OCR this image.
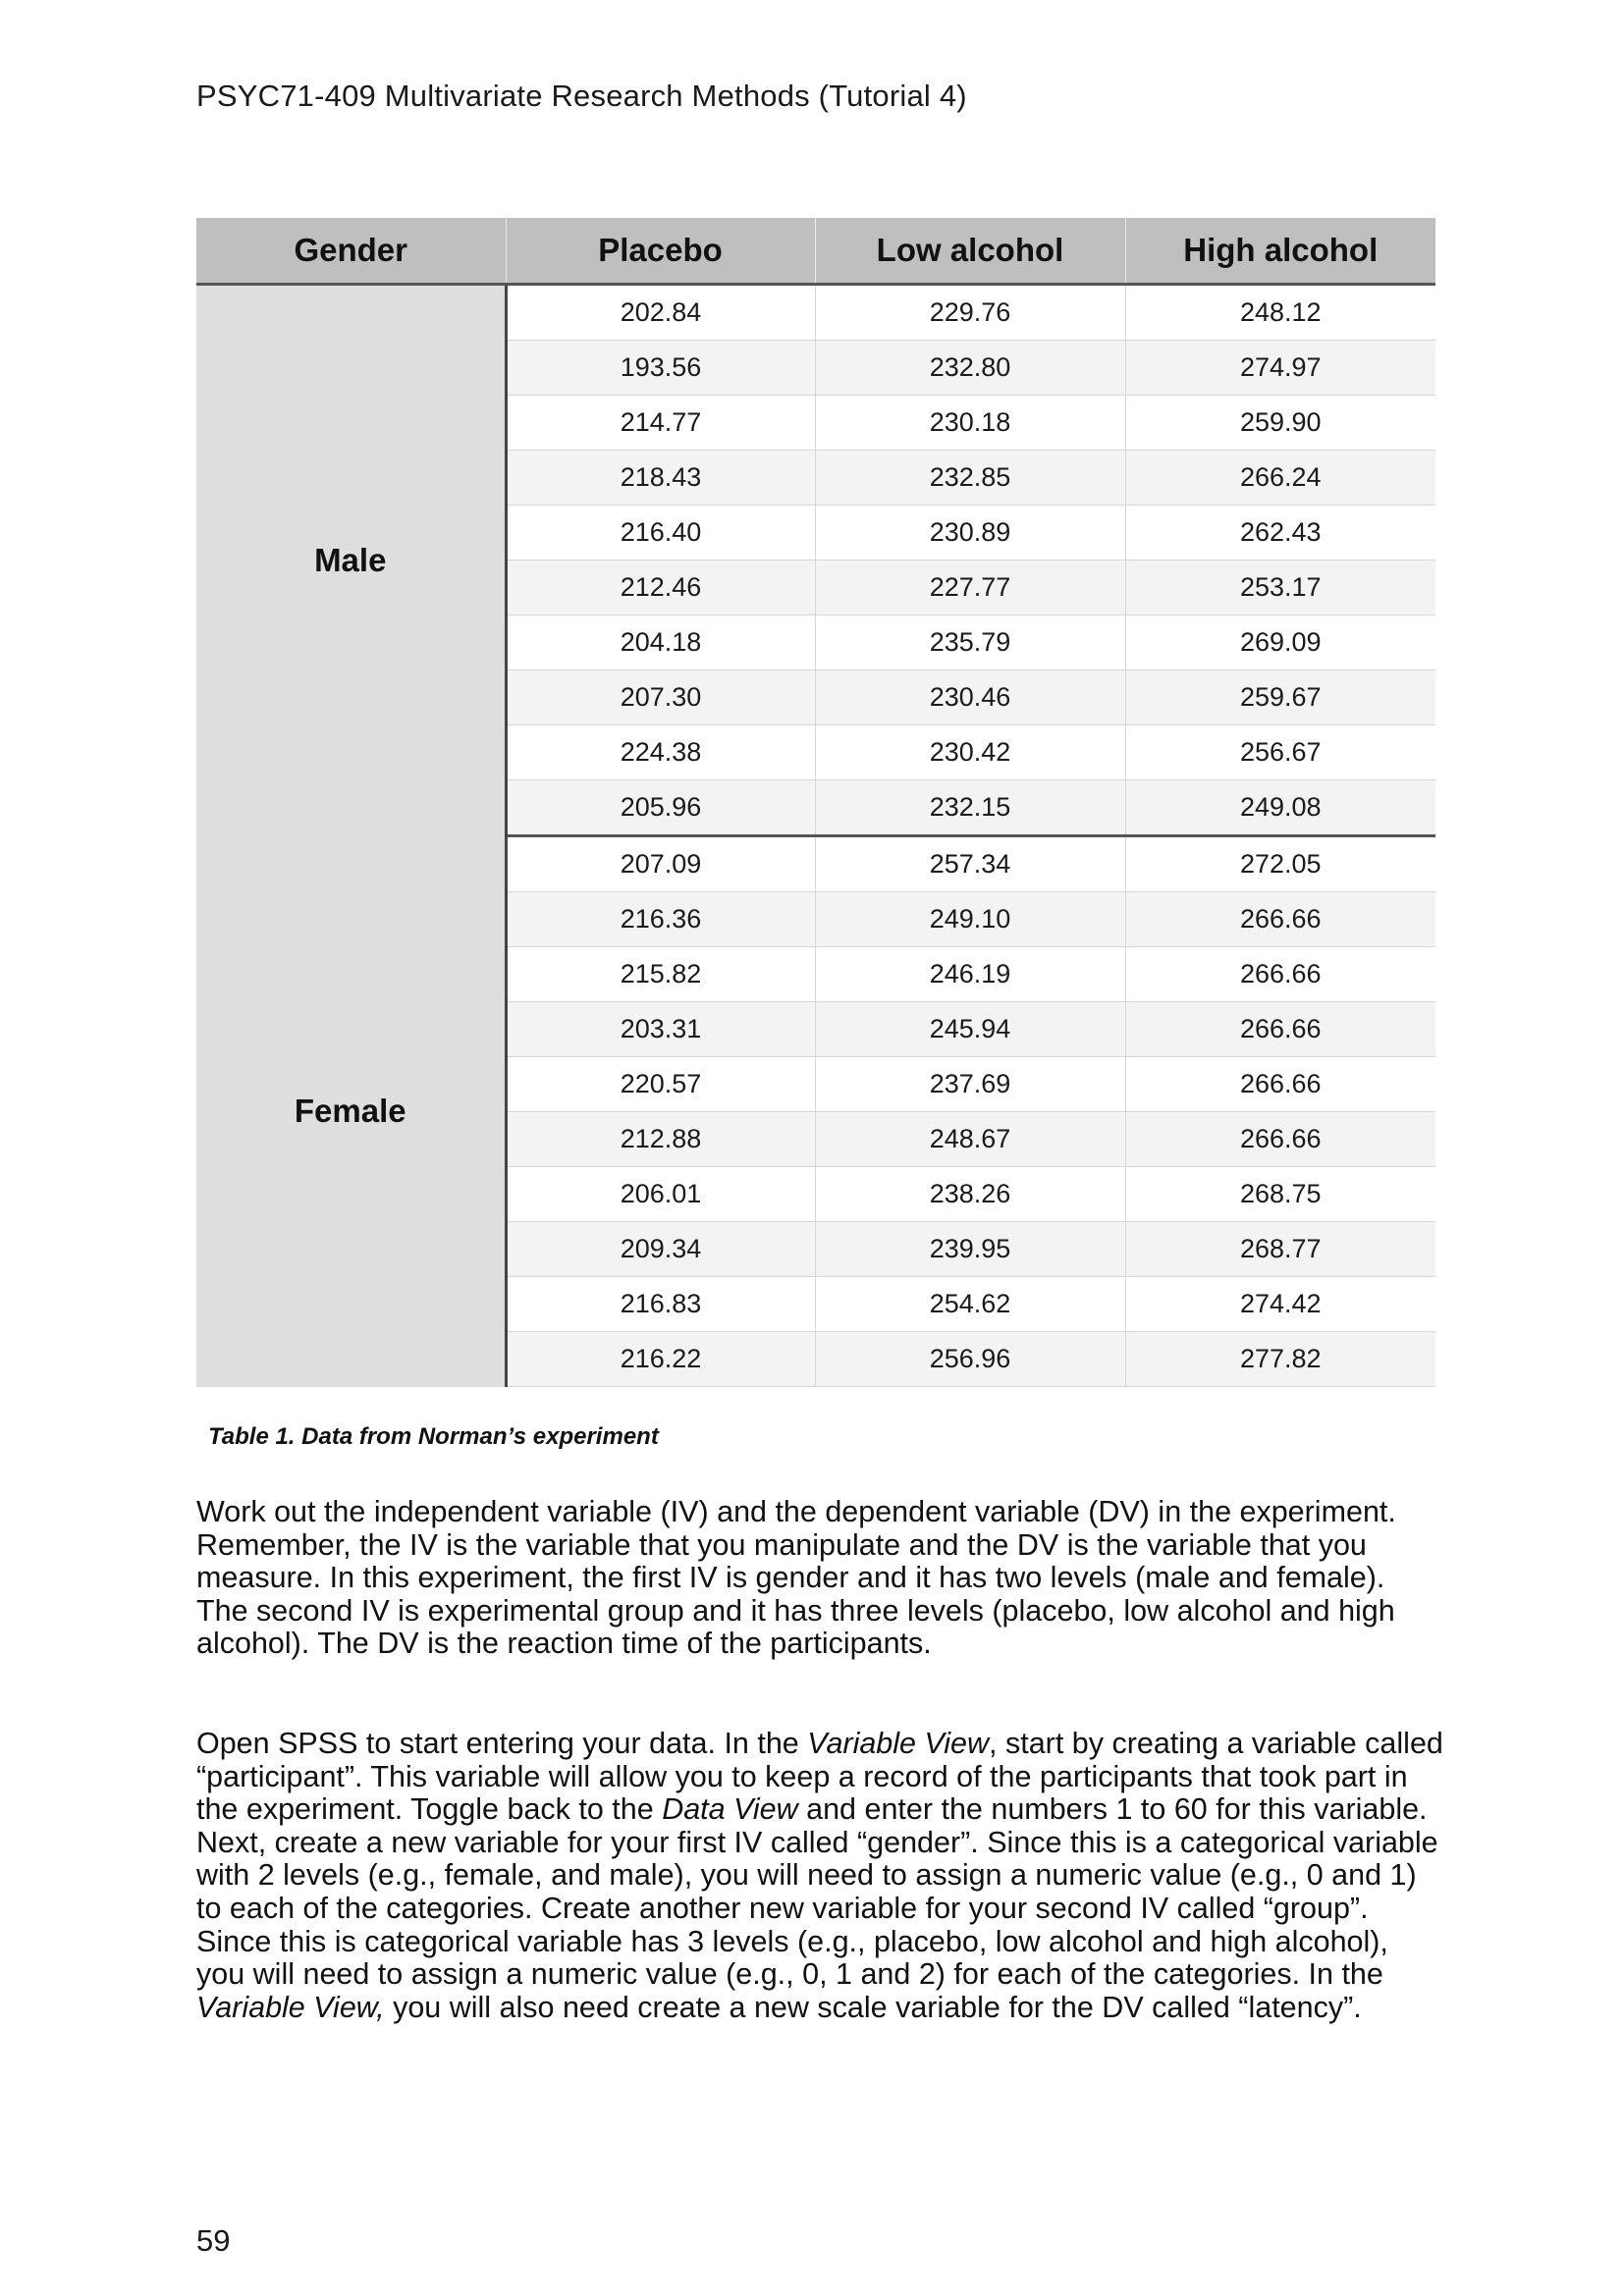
PSYC71-409 Multivariate Research Methods (Tutorial 4)
Gender	Placebo	Low alcohol	High alcohol
Male	202.84	229.76	248.12
	193.56	232.80	274.97
	214.77	230.18	259.90
	218.43	232.85	266.24
	216.40	230.89	262.43
	212.46	227.77	253.17
	204.18	235.79	269.09
	207.30	230.46	259.67
	224.38	230.42	256.67
	205.96	232.15	249.08
Female	207.09	257.34	272.05
	216.36	249.10	266.66
	215.82	246.19	266.66
	203.31	245.94	266.66
	220.57	237.69	266.66
	212.88	248.67	266.66
	206.01	238.26	268.75
	209.34	239.95	268.77
	216.83	254.62	274.42
	216.22	256.96	277.82
Table 1. Data from Norman’s experiment

Work out the independent variable (IV) and the dependent variable (DV) in the experiment. Remember, the IV is the variable that you manipulate and the DV is the variable that you measure. In this experiment, the first IV is gender and it has two levels (male and female). The second IV is experimental group and it has three levels (placebo, low alcohol and high alcohol). The DV is the reaction time of the participants.

Open SPSS to start entering your data. In the Variable View, start by creating a variable called “participant”. This variable will allow you to keep a record of the participants that took part in the experiment. Toggle back to the Data View and enter the numbers 1 to 60 for this variable. Next, create a new variable for your first IV called “gender”. Since this is a categorical variable with 2 levels (e.g., female, and male), you will need to assign a numeric value (e.g., 0 and 1) to each of the categories. Create another new variable for your second IV called “group”. Since this is categorical variable has 3 levels (e.g., placebo, low alcohol and high alcohol), you will need to assign a numeric value (e.g., 0, 1 and 2) for each of the categories. In the Variable View, you will also need create a new scale variable for the DV called “latency”.

59
